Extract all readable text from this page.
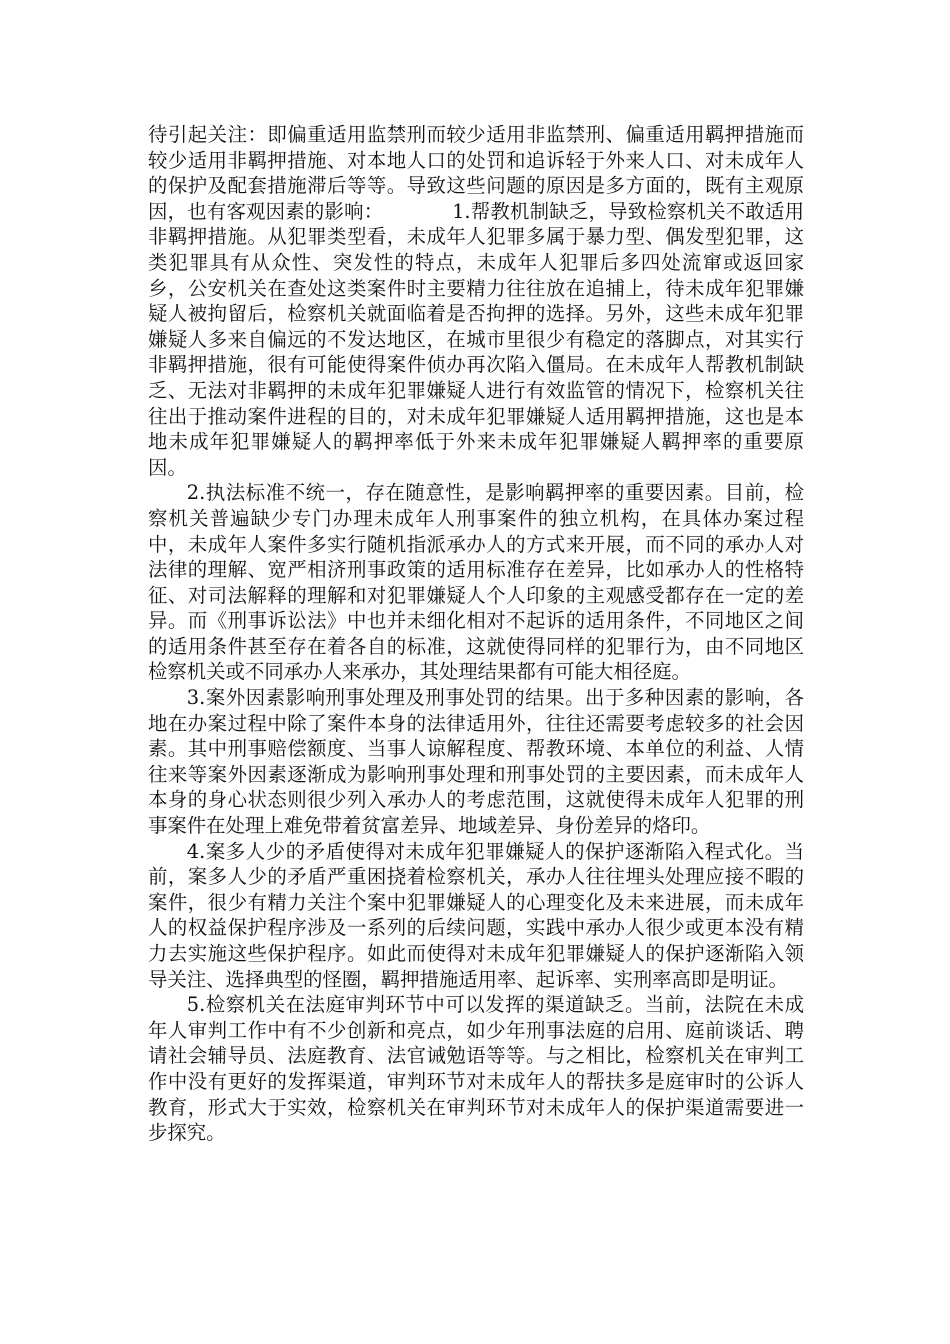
待引起关注：即偏重适用监禁刑而较少适用非监禁刑、偏重适用羁押措施而较少适用非羁押措施、对本地人口的处罚和追诉轻于外来人口、对未成年人的保护及配套措施滞后等等。导致这些问题的原因是多方面的，既有主观原因，也有客观因素的影响：　　　　1.帮教机制缺乏，导致检察机关不敢适用非羁押措施。从犯罪类型看，未成年人犯罪多属于暴力型、偶发型犯罪，这类犯罪具有从众性、突发性的特点，未成年人犯罪后多四处流窜或返回家乡，公安机关在查处这类案件时主要精力往往放在追捕上，待未成年犯罪嫌疑人被拘留后，检察机关就面临着是否拘押的选择。另外，这些未成年犯罪嫌疑人多来自偏远的不发达地区，在城市里很少有稳定的落脚点，对其实行非羁押措施，很有可能使得案件侦办再次陷入僵局。在未成年人帮教机制缺乏、无法对非羁押的未成年犯罪嫌疑人进行有效监管的情况下，检察机关往往出于推动案件进程的目的，对未成年犯罪嫌疑人适用羁押措施，这也是本地未成年犯罪嫌疑人的羁押率低于外来未成年犯罪嫌疑人羁押率的重要原因。

2.执法标准不统一，存在随意性，是影响羁押率的重要因素。目前，检察机关普遍缺少专门办理未成年人刑事案件的独立机构，在具体办案过程中，未成年人案件多实行随机指派承办人的方式来开展，而不同的承办人对法律的理解、宽严相济刑事政策的适用标准存在差异，比如承办人的性格特征、对司法解释的理解和对犯罪嫌疑人个人印象的主观感受都存在一定的差异。而《刑事诉讼法》中也并未细化相对不起诉的适用条件，不同地区之间的适用条件甚至存在着各自的标准，这就使得同样的犯罪行为，由不同地区检察机关或不同承办人来承办，其处理结果都有可能大相径庭。

3.案外因素影响刑事处理及刑事处罚的结果。出于多种因素的影响，各地在办案过程中除了案件本身的法律适用外，往往还需要考虑较多的社会因素。其中刑事赔偿额度、当事人谅解程度、帮教环境、本单位的利益、人情往来等案外因素逐渐成为影响刑事处理和刑事处罚的主要因素，而未成年人本身的身心状态则很少列入承办人的考虑范围，这就使得未成年人犯罪的刑事案件在处理上难免带着贫富差异、地域差异、身份差异的烙印。

4.案多人少的矛盾使得对未成年犯罪嫌疑人的保护逐渐陷入程式化。当前，案多人少的矛盾严重困挠着检察机关，承办人往往埋头处理应接不暇的案件，很少有精力关注个案中犯罪嫌疑人的心理变化及未来进展，而未成年人的权益保护程序涉及一系列的后续问题，实践中承办人很少或更本没有精力去实施这些保护程序。如此而使得对未成年犯罪嫌疑人的保护逐渐陷入领导关注、选择典型的怪圈，羁押措施适用率、起诉率、实刑率高即是明证。

5.检察机关在法庭审判环节中可以发挥的渠道缺乏。当前，法院在未成年人审判工作中有不少创新和亮点，如少年刑事法庭的启用、庭前谈话、聘请社会辅导员、法庭教育、法官诫勉语等等。与之相比，检察机关在审判工作中没有更好的发挥渠道，审判环节对未成年人的帮扶多是庭审时的公诉人教育，形式大于实效，检察机关在审判环节对未成年人的保护渠道需要进一步探究。
